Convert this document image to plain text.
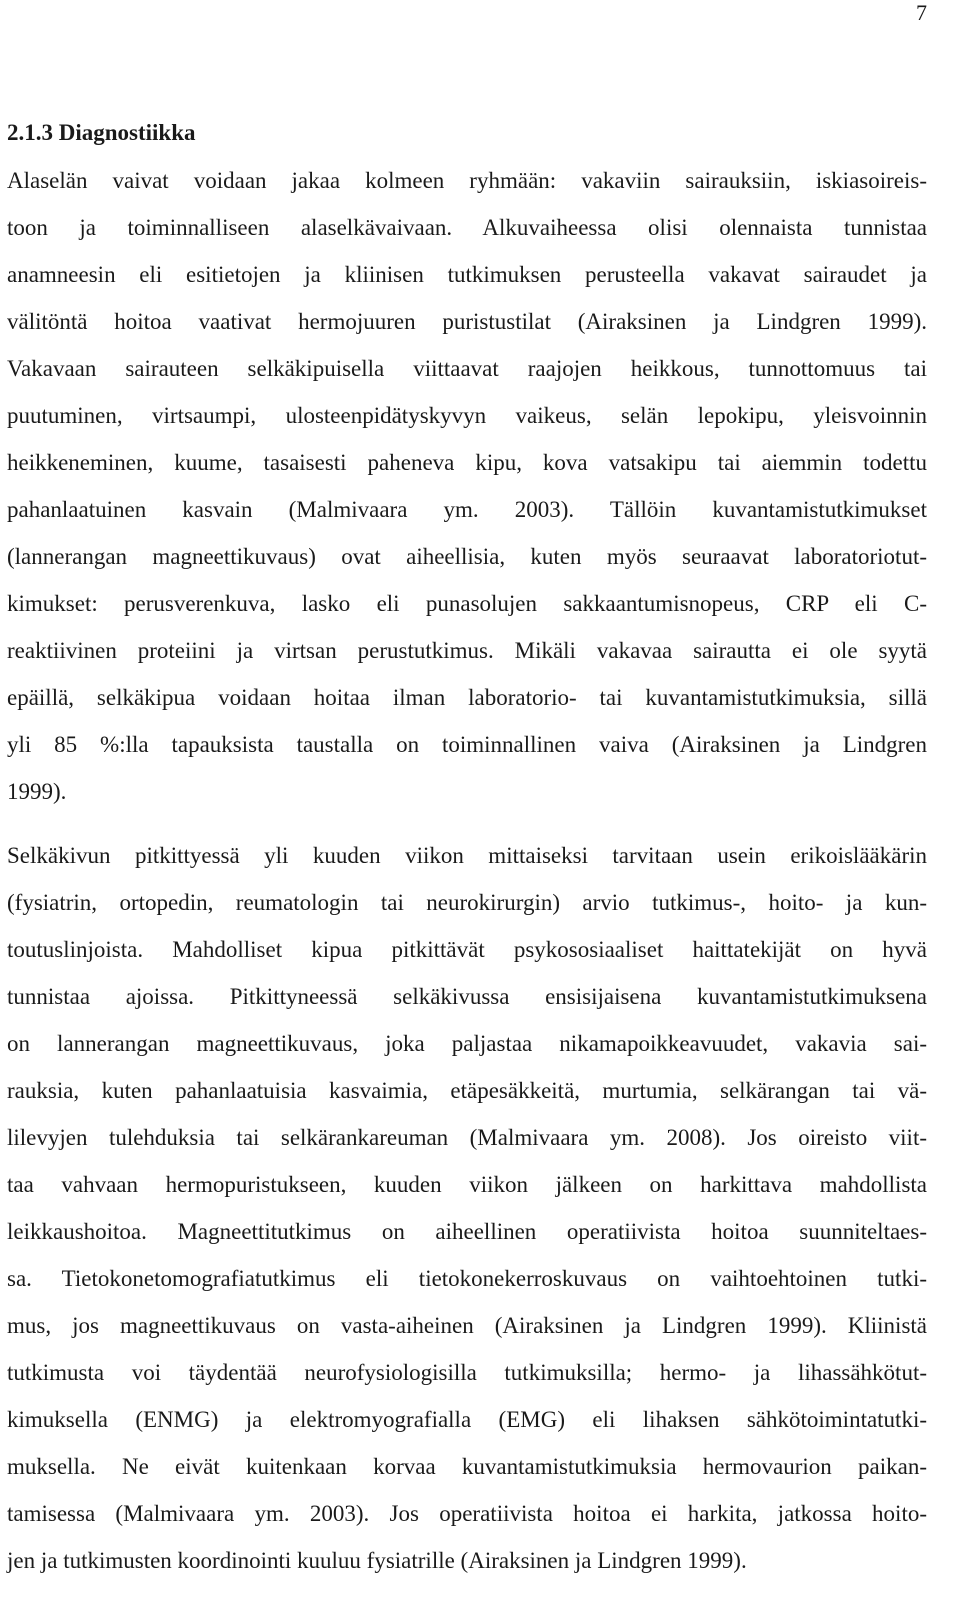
7
2.1.3 Diagnostiikka
Alaselän vaivat voidaan jakaa kolmeen ryhmään: vakaviin sairauksiin, iskiasoireis-
toon ja toiminnalliseen alaselkävaivaan. Alkuvaiheessa olisi olennaista tunnistaa
anamneesin eli esitietojen ja kliinisen tutkimuksen perusteella vakavat sairaudet ja
välitöntä hoitoa vaativat hermojuuren puristustilat (Airaksinen ja Lindgren 1999).
Vakavaan sairauteen selkäkipuisella viittaavat raajojen heikkous, tunnottomuus tai
puutuminen, virtsaumpi, ulosteenpidätyskyvyn vaikeus, selän lepokipu, yleisvoinnin
heikkeneminen, kuume, tasaisesti paheneva kipu, kova vatsakipu tai aiemmin todettu
pahanlaatuinen kasvain (Malmivaara ym. 2003). Tällöin kuvantamistutkimukset
(lannerangan magneettikuvaus) ovat aiheellisia, kuten myös seuraavat laboratoriotut-
kimukset: perusverenkuva, lasko eli punasolujen sakkaantumisnopeus, CRP eli C-
reaktiivinen proteiini ja virtsan perustutkimus. Mikäli vakavaa sairautta ei ole syytä
epäillä, selkäkipua voidaan hoitaa ilman laboratorio- tai kuvantamistutkimuksia, sillä
yli 85 %:lla tapauksista taustalla on toiminnallinen vaiva (Airaksinen ja Lindgren
1999).
Selkäkivun pitkittyessä yli kuuden viikon mittaiseksi tarvitaan usein erikoislääkärin
(fysiatrin, ortopedin, reumatologin tai neurokirurgin) arvio tutkimus-, hoito- ja kun-
toutuslinjoista. Mahdolliset kipua pitkittävät psykososiaaliset haittatekijät on hyvä
tunnistaa ajoissa. Pitkittyneessä selkäkivussa ensisijaisena kuvantamistutkimuksena
on lannerangan magneettikuvaus, joka paljastaa nikamapoikkeavuudet, vakavia sai-
rauksia, kuten pahanlaatuisia kasvaimia, etäpesäkkeitä, murtumia, selkärangan tai vä-
lilevyjen tulehduksia tai selkärankareuman (Malmivaara ym. 2008). Jos oireisto viit-
taa vahvaan hermopuristukseen, kuuden viikon jälkeen on harkittava mahdollista
leikkaushoitoa. Magneettitutkimus on aiheellinen operatiivista hoitoa suunniteltaes-
sa. Tietokonetomografiatutkimus eli tietokonekerroskuvaus on vaihtoehtoinen tutki-
mus, jos magneettikuvaus on vasta-aiheinen (Airaksinen ja Lindgren 1999). Kliinistä
tutkimusta voi täydentää neurofysiologisilla tutkimuksilla; hermo- ja lihassähkötut-
kimuksella (ENMG) ja elektromyografialla (EMG) eli lihaksen sähkötoimintatutki-
muksella. Ne eivät kuitenkaan korvaa kuvantamistutkimuksia hermovaurion paikan-
tamisessa (Malmivaara ym. 2003). Jos operatiivista hoitoa ei harkita, jatkossa hoito-
jen ja tutkimusten koordinointi kuuluu fysiatrille (Airaksinen ja Lindgren 1999).
